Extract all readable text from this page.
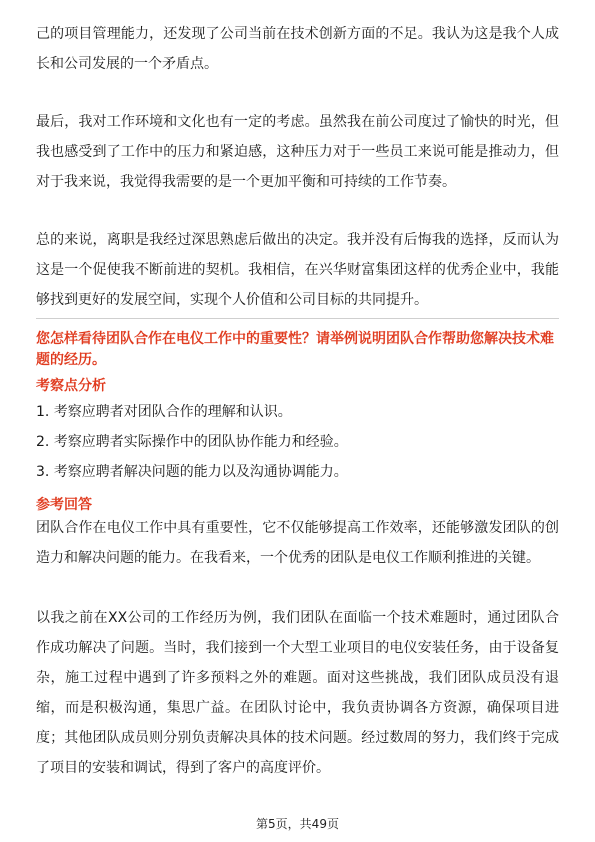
己的项目管理能力，还发现了公司当前在技术创新方面的不足。我认为这是我个人成长和公司发展的一个矛盾点。

最后，我对工作环境和文化也有一定的考虑。虽然我在前公司度过了愉快的时光，但我也感受到了工作中的压力和紧迫感，这种压力对于一些员工来说可能是推动力，但对于我来说，我觉得我需要的是一个更加平衡和可持续的工作节奏。

总的来说，离职是我经过深思熟虑后做出的决定。我并没有后悔我的选择，反而认为这是一个促使我不断前进的契机。我相信，在兴华财富集团这样的优秀企业中，我能够找到更好的发展空间，实现个人价值和公司目标的共同提升。

您怎样看待团队合作在电仪工作中的重要性？请举例说明团队合作帮助您解决技术难题的经历。

考察点分析

1. 考察应聘者对团队合作的理解和认识。

2. 考察应聘者实际操作中的团队协作能力和经验。

3. 考察应聘者解决问题的能力以及沟通协调能力。

参考回答

团队合作在电仪工作中具有重要性，它不仅能够提高工作效率，还能够激发团队的创造力和解决问题的能力。在我看来，一个优秀的团队是电仪工作顺利推进的关键。

以我之前在XX公司的工作经历为例，我们团队在面临一个技术难题时，通过团队合作成功解决了问题。当时，我们接到一个大型工业项目的电仪安装任务，由于设备复杂，施工过程中遇到了许多预料之外的难题。面对这些挑战，我们团队成员没有退缩，而是积极沟通，集思广益。在团队讨论中，我负责协调各方资源，确保项目进度；其他团队成员则分别负责解决具体的技术问题。经过数周的努力，我们终于完成了项目的安装和调试，得到了客户的高度评价。

第5页，共49页
